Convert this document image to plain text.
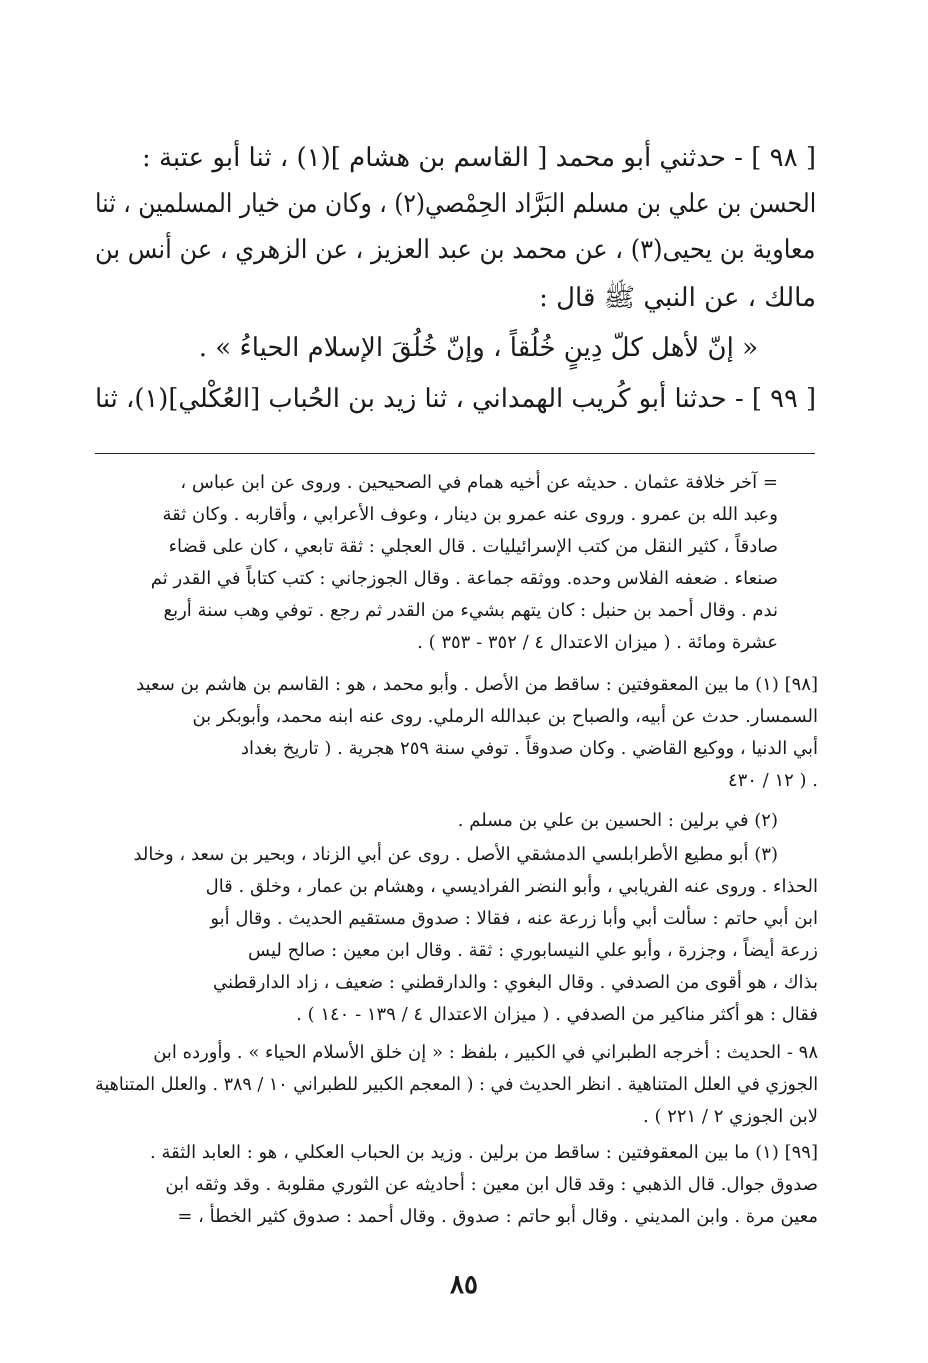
[ ٩٨ ] - حدثني أبو محمد [ القاسم بن هشام ](١) ، ثنا أبو عتبة :
الحسن بن علي بن مسلم البَرَّاد الحِمْصي(٢) ، وكان من خيار المسلمين ، ثنا
معاوية بن يحيى(٣) ، عن محمد بن عبد العزيز ، عن الزهري ، عن أنس بن
مالك ، عن النبي ﷺ قال :
« إنّ لأهل كلّ دِينٍ خُلُقاً ، وإنّ خُلُقَ الإسلام الحياءُ » .
[ ٩٩ ] - حدثنا أبو كُريب الهمداني ، ثنا زيد بن الحُباب [العُكْلي](١)، ثنا
= آخر خلافة عثمان . حديثه عن أخيه همام في الصحيحين . وروى عن ابن عباس ،
وعبد الله بن عمرو . وروى عنه عمرو بن دينار ، وعوف الأعرابي ، وأقاربه . وكان ثقة
صادقاً ، كثير النقل من كتب الإسرائيليات . قال العجلي : ثقة تابعي ، كان على قضاء
صنعاء . ضعفه الفلاس وحده. ووثقه جماعة . وقال الجوزجاني : كتب كتاباً في القدر ثم
ندم . وقال أحمد بن حنبل : كان يتهم بشيء من القدر ثم رجع . توفي وهب سنة أربع
عشرة ومائة . ( ميزان الاعتدال ٤ / ٣٥٢ - ٣٥٣ ) .
[٩٨] (١) ما بين المعقوفتين : ساقط من الأصل . وأبو محمد ، هو : القاسم بن هاشم بن سعيد
السمسار. حدث عن أبيه، والصباح بن عبدالله الرملي. روى عنه ابنه محمد، وأبوبكر بن
أبي الدنيا ، ووكيع القاضي . وكان صدوقاً . توفي سنة ٢٥٩ هجرية . ( تاريخ بغداد
١٢ / ٤٣٠ ) .
(٢) في برلين : الحسين بن علي بن مسلم .
(٣) أبو مطيع الأطرابلسي الدمشقي الأصل . روى عن أبي الزناد ، وبحير بن سعد ، وخالد
الحذاء . وروى عنه الفريابي ، وأبو النضر الفراديسي ، وهشام بن عمار ، وخلق . قال
ابن أبي حاتم : سألت أبي وأبا زرعة عنه ، فقالا : صدوق مستقيم الحديث . وقال أبو
زرعة أيضاً ، وجزرة ، وأبو علي النيسابوري : ثقة . وقال ابن معين : صالح ليس
بذاك ، هو أقوى من الصدفي . وقال البغوي : والدارقطني : ضعيف ، زاد الدارقطني
فقال : هو أكثر مناكير من الصدفي . ( ميزان الاعتدال ٤ / ١٣٩ - ١٤٠ ) .
٩٨ - الحديث : أخرجه الطبراني في الكبير ، بلفظ : « إن خلق الأسلام الحياء » . وأورده ابن
الجوزي في العلل المتناهية . انظر الحديث في : ( المعجم الكبير للطبراني ١٠ / ٣٨٩ . والعلل المتناهية
لابن الجوزي ٢ / ٢٢١ ) .
[٩٩] (١) ما بين المعقوفتين : ساقط من برلين . وزيد بن الحباب العكلي ، هو : العابد الثقة .
صدوق جوال. قال الذهبي : وقد قال ابن معين : أحاديثه عن الثوري مقلوبة . وقد وثقه ابن
معين مرة . وابن المديني . وقال أبو حاتم : صدوق . وقال أحمد : صدوق كثير الخطأ ، =
٨٥
